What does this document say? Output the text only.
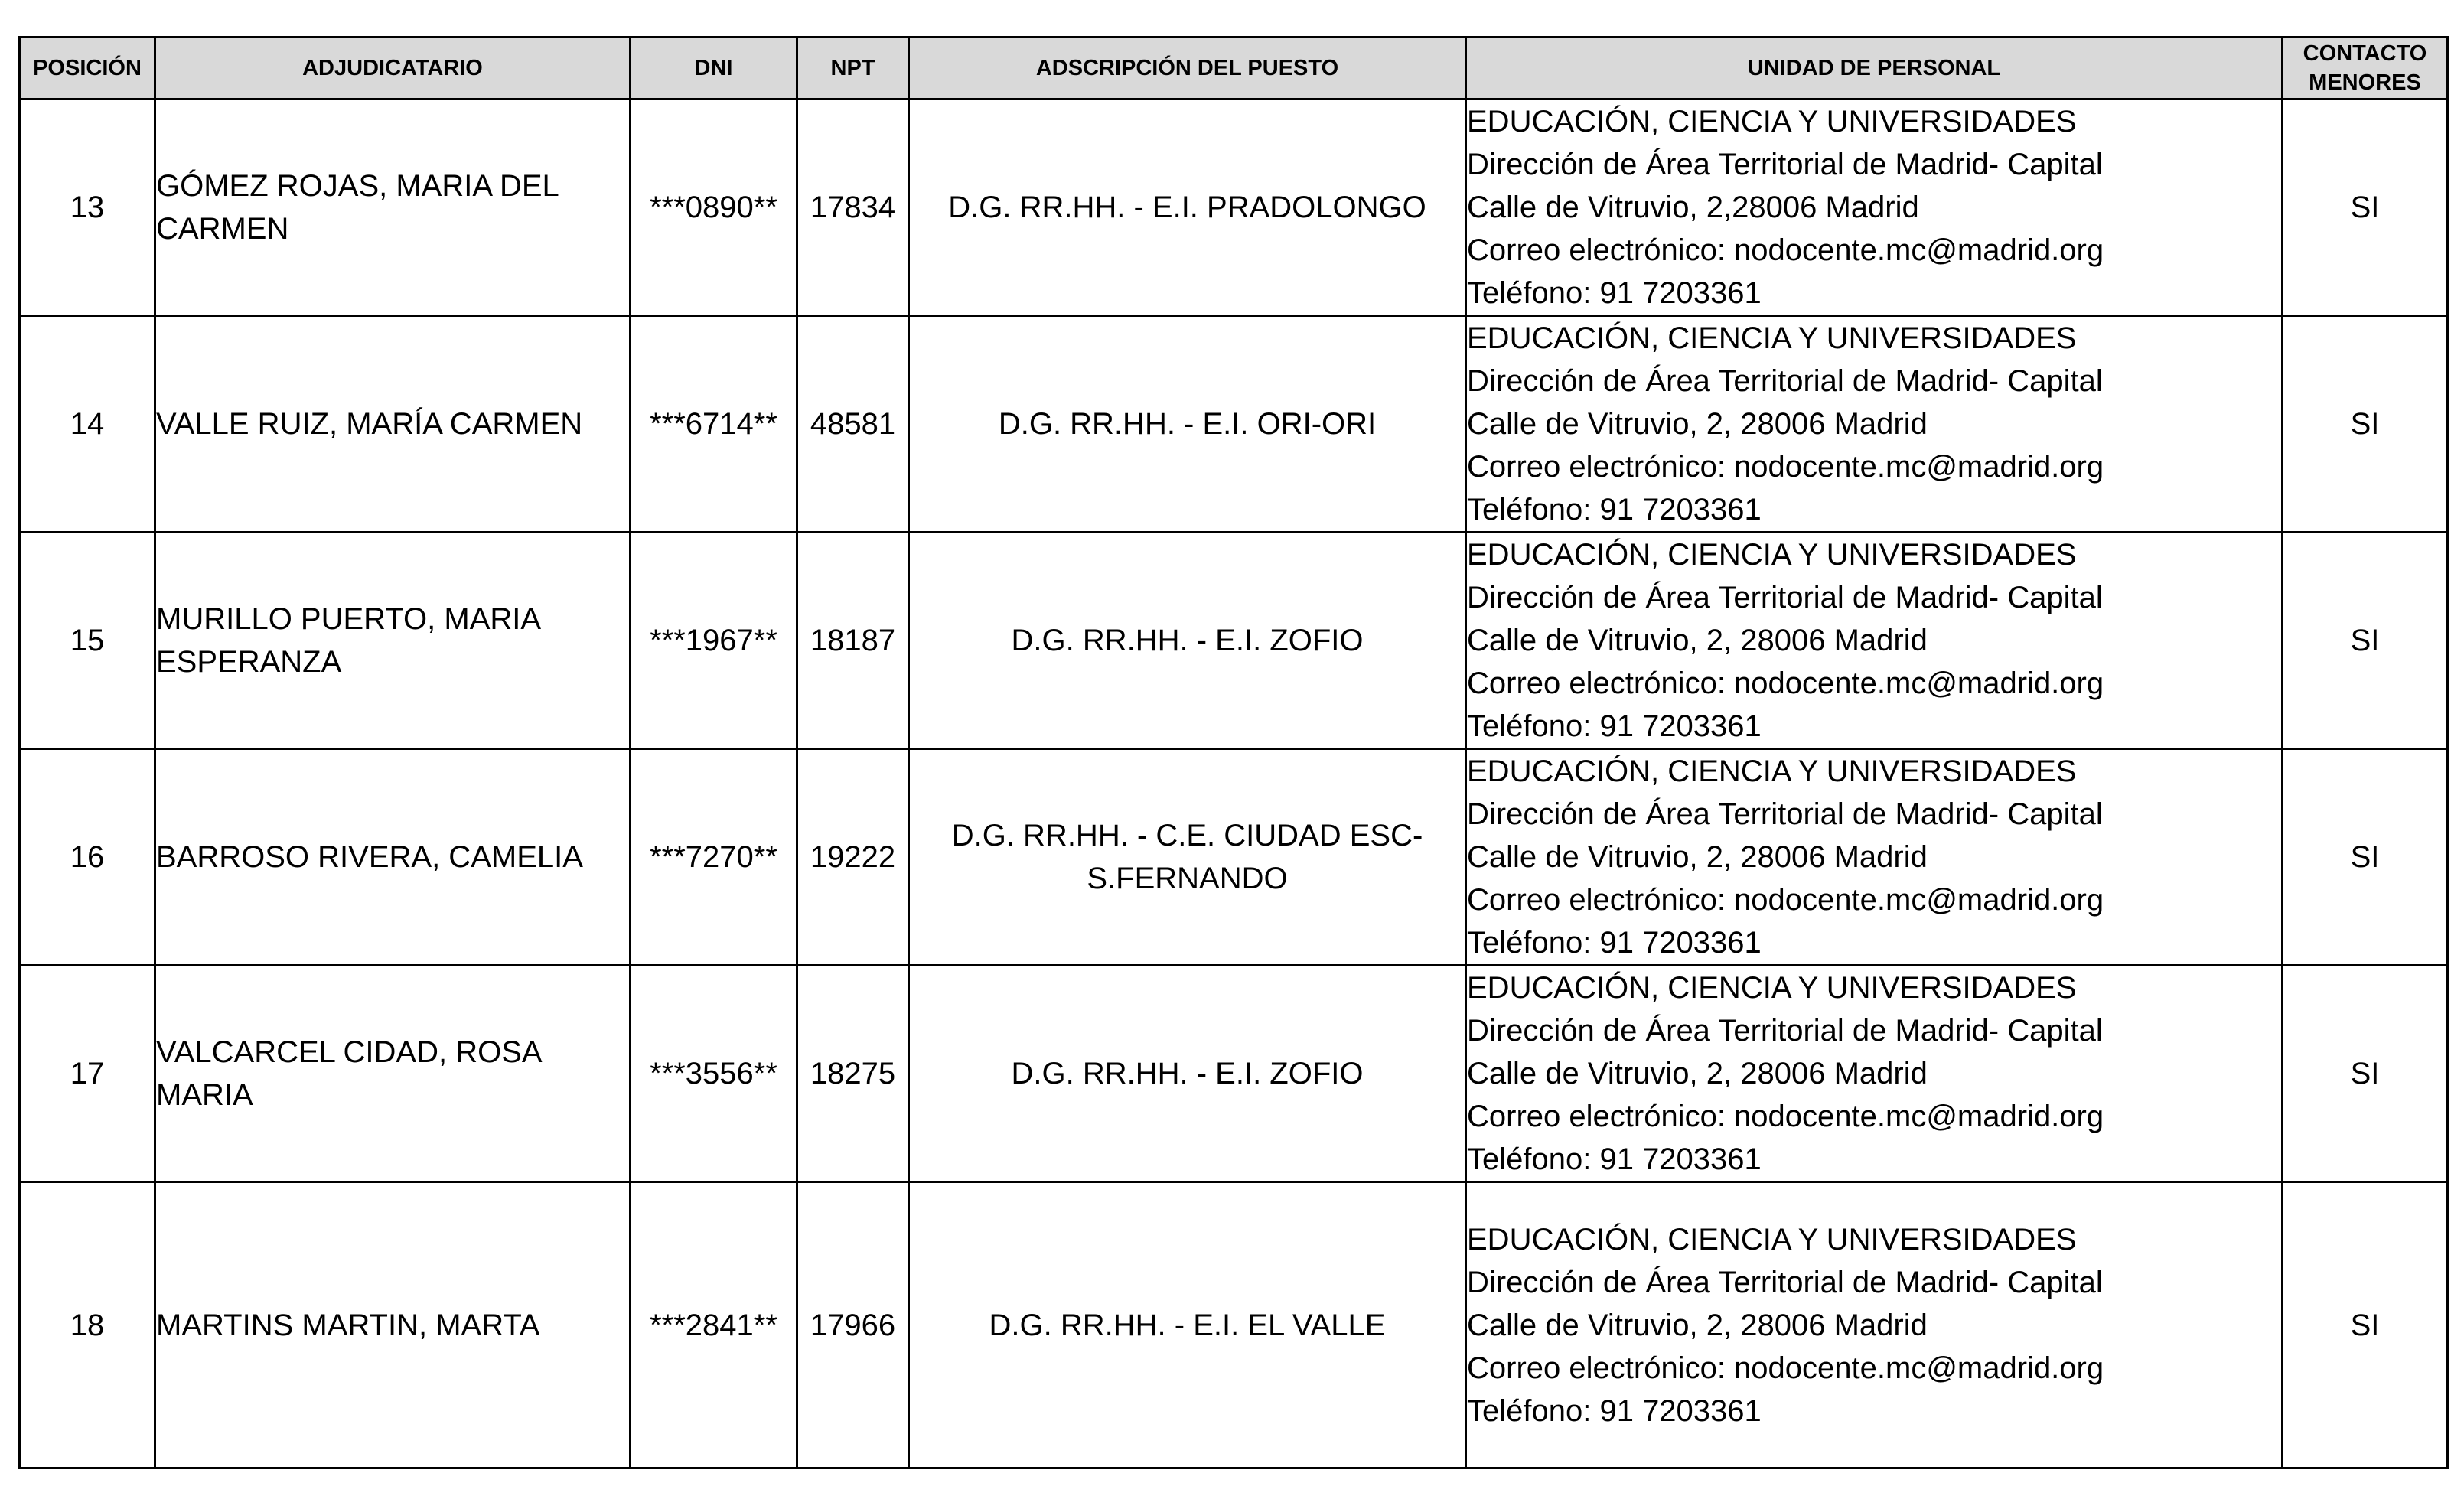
POSICIÓN	ADJUDICATARIO	DNI	NPT	ADSCRIPCIÓN DEL PUESTO	UNIDAD DE PERSONAL	CONTACTO
MENORES

13	GÓMEZ ROJAS, MARIA DEL
CARMEN	***0890**	17834	D.G. RR.HH. - E.I. PRADOLONGO	EDUCACIÓN, CIENCIA Y UNIVERSIDADES
Dirección de Área Territorial de Madrid- Capital
Calle de Vitruvio, 2,28006 Madrid
Correo electrónico: nodocente.mc@madrid.org
Teléfono: 91 7203361	SI
14	VALLE RUIZ, MARÍA CARMEN	***6714**	48581	D.G. RR.HH. - E.I. ORI-ORI	EDUCACIÓN, CIENCIA Y UNIVERSIDADES
Dirección de Área Territorial de Madrid- Capital
Calle de Vitruvio, 2, 28006 Madrid
Correo electrónico: nodocente.mc@madrid.org
Teléfono: 91 7203361	SI
15	MURILLO PUERTO, MARIA
ESPERANZA	***1967**	18187	D.G. RR.HH. - E.I. ZOFIO	EDUCACIÓN, CIENCIA Y UNIVERSIDADES
Dirección de Área Territorial de Madrid- Capital
Calle de Vitruvio, 2, 28006 Madrid
Correo electrónico: nodocente.mc@madrid.org
Teléfono: 91 7203361	SI
16	BARROSO RIVERA, CAMELIA	***7270**	19222	D.G. RR.HH. - C.E. CIUDAD ESC-
S.FERNANDO	EDUCACIÓN, CIENCIA Y UNIVERSIDADES
Dirección de Área Territorial de Madrid- Capital
Calle de Vitruvio, 2, 28006 Madrid
Correo electrónico: nodocente.mc@madrid.org
Teléfono: 91 7203361	SI
17	VALCARCEL CIDAD, ROSA
MARIA	***3556**	18275	D.G. RR.HH. - E.I. ZOFIO	EDUCACIÓN, CIENCIA Y UNIVERSIDADES
Dirección de Área Territorial de Madrid- Capital
Calle de Vitruvio, 2, 28006 Madrid
Correo electrónico: nodocente.mc@madrid.org
Teléfono: 91 7203361	SI
18	MARTINS MARTIN, MARTA	***2841**	17966	D.G. RR.HH. - E.I. EL VALLE	EDUCACIÓN, CIENCIA Y UNIVERSIDADES
Dirección de Área Territorial de Madrid- Capital
Calle de Vitruvio, 2, 28006 Madrid
Correo electrónico: nodocente.mc@madrid.org
Teléfono: 91 7203361	SI
